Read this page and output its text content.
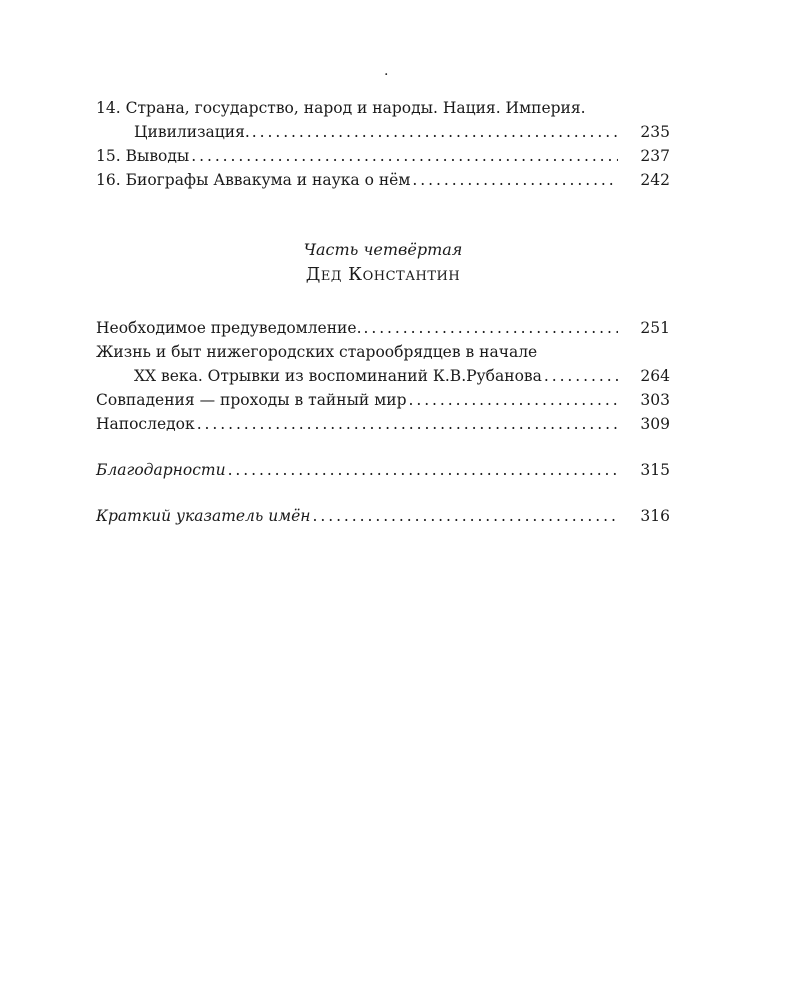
.
14. Страна, государство, народ и народы. Нация. Империя.
Цивилизация. . . .	235
15. Выводы . . .	237
16. Биографы Аввакума и наука о нём . . .	242
Часть четвёртая
Дед Константин
Необходимое предуведомление. . . .	251
Жизнь и быт нижегородских старообрядцев в начале
XX века. Отрывки из воспоминаний К.В.Рубанова . . .	264
Совпадения — проходы в тайный мир . . .	303
Напоследок . . .	309
Благодарности . . .	315
Краткий указатель имён . . .	316
